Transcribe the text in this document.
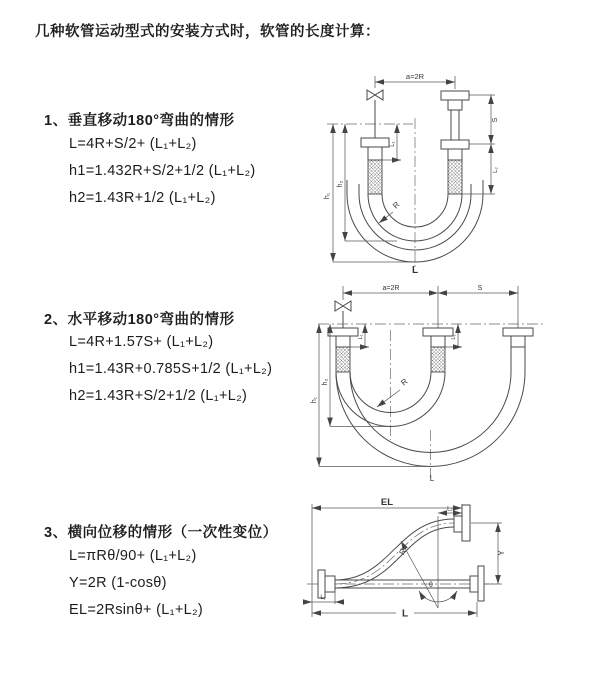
几种软管运动型式的安装方式时，软管的长度计算：
1、垂直移动180°弯曲的情形
L=4R+S/2+ (L₁+L₂)
h1=1.432R+S/2+1/2 (L₁+L₂)
h2=1.43R+1/2 (L₁+L₂)
2、水平移动180°弯曲的情形
L=4R+1.57S+ (L₁+L₂)
h1=1.43R+0.785S+1/2 (L₁+L₂)
h2=1.43R+S/2+1/2 (L₁+L₂)
3、横向位移的情形（一次性变位）
L=πRθ/90+ (L₁+L₂)
Y=2R (1-cosθ)
EL=2Rsinθ+ (L₁+L₂)
a=2R
h₁
h₂
L₁
S
L₂
R
L
a=2R	S
h₁
h₂
L₁	L₂
R
L
EL
L₂
Y
θ
R
L
L₁
